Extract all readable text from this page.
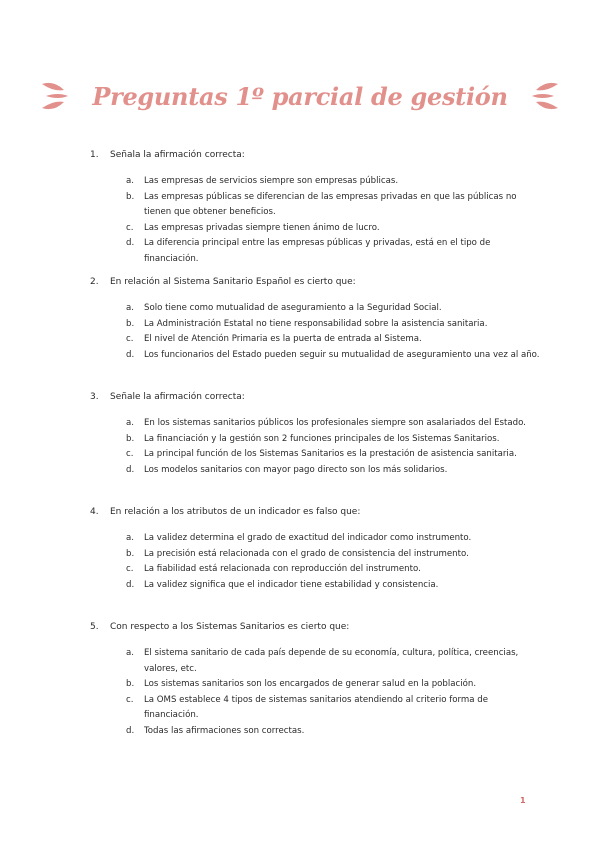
Preguntas 1º parcial de gestión
1.	Señala la afirmación correcta:
a.	Las empresas de servicios siempre son empresas públicas.
b.	Las empresas públicas se diferencian de las empresas privadas en que las públicas no tienen que obtener beneficios.
c.	Las empresas privadas siempre tienen ánimo de lucro.
d.	La diferencia principal entre las empresas públicas y privadas, está en el tipo de financiación.
2.	En relación al Sistema Sanitario Español es cierto que:
a.	Solo tiene como mutualidad de aseguramiento a la Seguridad Social.
b.	La Administración Estatal no tiene responsabilidad sobre la asistencia sanitaria.
c.	El nivel de Atención Primaria es la puerta de entrada al Sistema.
d.	Los funcionarios del Estado pueden seguir su mutualidad de aseguramiento una vez al año.
3.	Señale la afirmación correcta:
a.	En los sistemas sanitarios públicos los profesionales siempre son asalariados del Estado.
b.	La financiación y la gestión son 2 funciones principales de los Sistemas Sanitarios.
c.	La principal función de los Sistemas Sanitarios es la prestación de asistencia sanitaria.
d.	Los modelos sanitarios con mayor pago directo son los más solidarios.
4.	En relación a los atributos de un indicador es falso que:
a.	La validez determina el grado de exactitud del indicador como instrumento.
b.	La precisión está relacionada con el grado de consistencia del instrumento.
c.	La fiabilidad está relacionada con reproducción del instrumento.
d.	La validez significa que el indicador tiene estabilidad y consistencia.
5.	Con respecto a los Sistemas Sanitarios es cierto que:
a.	El sistema sanitario de cada país depende de su economía, cultura, política, creencias, valores, etc.
b.	Los sistemas sanitarios son los encargados de generar salud en la población.
c.	La OMS establece 4 tipos de sistemas sanitarios atendiendo al criterio forma de financiación.
d.	Todas las afirmaciones son correctas.
1
